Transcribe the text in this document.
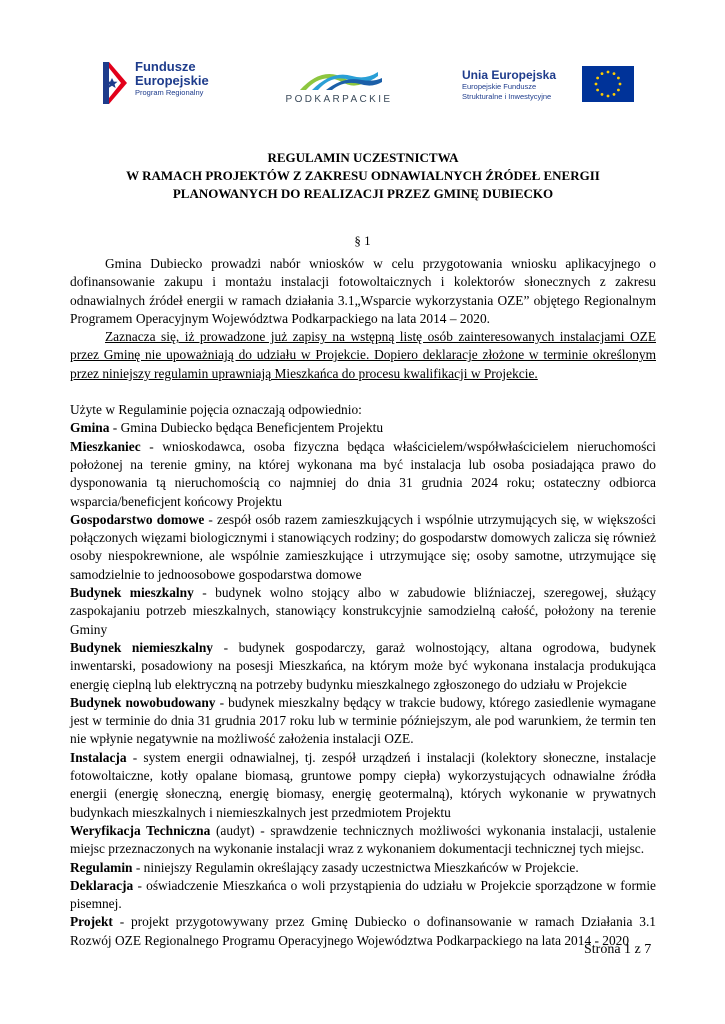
Fundusze
Europejskie
Program Regionalny
PODKARPACKIE
Unia Europejska
Europejskie Fundusze
Strukturalne i Inwestycyjne
REGULAMIN UCZESTNICTWA
W RAMACH PROJEKTÓW Z ZAKRESU ODNAWIALNYCH ŹRÓDEŁ ENERGII
PLANOWANYCH DO REALIZACJI PRZEZ GMINĘ DUBIECKO
§ 1

Gmina Dubiecko prowadzi nabór wniosków w celu przygotowania wniosku aplikacyjnego o dofinansowanie zakupu i montażu instalacji fotowoltaicznych i kolektorów słonecznych z zakresu odnawialnych źródeł energii w ramach działania 3.1„Wsparcie wykorzystania OZE” objętego Regionalnym Programem Operacyjnym Województwa Podkarpackiego na lata 2014 – 2020.

Zaznacza się, iż prowadzone już zapisy na wstępną listę osób zainteresowanych instalacjami OZE przez Gminę nie upoważniają do udziału w Projekcie. Dopiero deklaracje złożone w terminie określonym przez niniejszy regulamin uprawniają Mieszkańca do procesu kwalifikacji w Projekcie.

Użyte w Regulaminie pojęcia oznaczają odpowiednio:

Gmina - Gmina Dubiecko będąca Beneficjentem Projektu

Mieszkaniec - wnioskodawca, osoba fizyczna będąca właścicielem/współwłaścicielem nieruchomości położonej na terenie gminy, na której wykonana ma być instalacja lub osoba posiadająca prawo do dysponowania tą nieruchomością co najmniej do dnia 31 grudnia 2024 roku; ostateczny odbiorca wsparcia/beneficjent końcowy Projektu

Gospodarstwo domowe - zespół osób razem zamieszkujących i wspólnie utrzymujących się, w większości połączonych więzami biologicznymi i stanowiących rodziny; do gospodarstw domowych zalicza się również osoby niespokrewnione, ale wspólnie zamieszkujące i utrzymujące się; osoby samotne, utrzymujące się samodzielnie to jednoosobowe gospodarstwa domowe

Budynek mieszkalny - budynek wolno stojący albo w zabudowie bliźniaczej, szeregowej, służący zaspokajaniu potrzeb mieszkalnych, stanowiący konstrukcyjnie samodzielną całość, położony na terenie Gminy

Budynek niemieszkalny - budynek gospodarczy, garaż wolnostojący, altana ogrodowa, budynek inwentarski, posadowiony na posesji Mieszkańca, na którym może być wykonana instalacja produkująca energię cieplną lub elektryczną na potrzeby budynku mieszkalnego zgłoszonego do udziału w Projekcie

Budynek nowobudowany - budynek mieszkalny będący w trakcie budowy, którego zasiedlenie wymagane jest w terminie do dnia 31 grudnia 2017 roku lub w terminie późniejszym, ale pod warunkiem, że termin ten nie wpłynie negatywnie na możliwość założenia instalacji OZE.

Instalacja - system energii odnawialnej, tj. zespół urządzeń i instalacji (kolektory słoneczne, instalacje fotowoltaiczne, kotły opalane biomasą, gruntowe pompy ciepła) wykorzystujących odnawialne źródła energii (energię słoneczną, energię biomasy, energię geotermalną), których wykonanie w prywatnych budynkach mieszkalnych i niemieszkalnych jest przedmiotem Projektu

Weryfikacja Techniczna (audyt) - sprawdzenie technicznych możliwości wykonania instalacji, ustalenie miejsc przeznaczonych na wykonanie instalacji wraz z wykonaniem dokumentacji technicznej tych miejsc.

Regulamin - niniejszy Regulamin określający zasady uczestnictwa Mieszkańców w Projekcie.

Deklaracja - oświadczenie Mieszkańca o woli przystąpienia do udziału w Projekcie sporządzone w formie pisemnej.

Projekt - projekt przygotowywany przez Gminę Dubiecko o dofinansowanie w ramach Działania 3.1 Rozwój OZE Regionalnego Programu Operacyjnego Województwa Podkarpackiego na lata 2014 - 2020

Strona 1 z 7
